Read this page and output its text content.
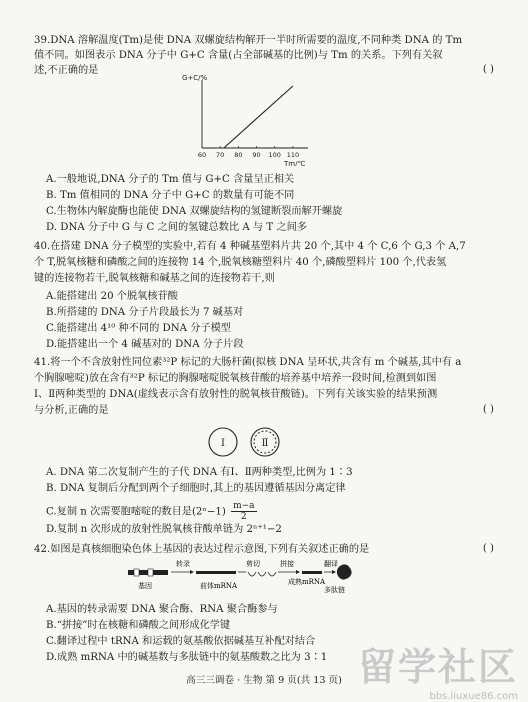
39.DNA 溶解温度(Tm)是使 DNA 双螺旋结构解开一半时所需要的温度,不同种类 DNA 的 Tm
值不同。如图表示 DNA 分子中 G+C 含量(占全部碱基的比例)与 Tm 的关系。下列有关叙
述,不正确的是	( )
60 70 80 90 100 110
G+C/%
Tm/℃
A.一般地说,DNA 分子的 Tm 值与 G+C 含量呈正相关
B. Tm 值相同的 DNA 分子中 G+C 的数量有可能不同
C.生物体内解旋酶也能使 DNA 双螺旋结构的氢键断裂而解开螺旋
D. DNA 分子中 G 与 C 之间的氢键总数比 A 与 T 之间多
40.在搭建 DNA 分子模型的实验中,若有 4 种碱基塑料片共 20 个,其中 4 个 C,6 个 G,3 个 A,7
个 T,脱氧核糖和磷酸之间的连接物 14 个,脱氧核糖塑料片 40 个,磷酸塑料片 100 个,代表氢
键的连接物若干,脱氧核糖和碱基之间的连接物若干,则
A.能搭建出 20 个脱氧核苷酸
B.所搭建的 DNA 分子片段最长为 7 碱基对
C.能搭建出 4¹⁰ 种不同的 DNA 分子模型
D.能搭建出一个 4 碱基对的 DNA 分子片段
41.将一个不含放射性同位素³²P 标记的大肠杆菌(拟核 DNA 呈环状,共含有 m 个碱基,其中有 a
个胸腺嘧啶)放在含有³²P 标记的胸腺嘧啶脱氧核苷酸的培养基中培养一段时间,检测到如图
Ⅰ、Ⅱ两种类型的 DNA(虚线表示含有放射性的脱氧核苷酸链)。下列有关该实验的结果预测
与分析,正确的是	( )
Ⅰ	Ⅱ
A. DNA 第二次复制产生的子代 DNA 有Ⅰ、Ⅱ两种类型,比例为 1∶3
B. DNA 复制后分配到两个子细胞时,其上的基因遵循基因分离定律
C.复制 n 次需要胞嘧啶的数目是$(2^n-1) \frac{m-a}{2}$
D.复制 n 次形成的放射性脱氧核苷酸单链为 2ⁿ⁺¹−2
42.如图是真核细胞染色体上基因的表达过程示意图,下列有关叙述正确的是	( )
转录	剪切	拼接	翻译
基因	前体mRNA	成熟mRNA
多肽链
A.基因的转录需要 DNA 聚合酶、RNA 聚合酶参与
B.“拼接”时在核糖和磷酸之间形成化学键
C.翻译过程中 tRNA 和运载的氨基酸依据碱基互补配对结合
D.成熟 mRNA 中的碱基数与多肽链中的氨基酸数之比为 3∶1
高三三调卷 · 生物 第 9 页(共 13 页) 留学社区
bbs.liuxue86.com
